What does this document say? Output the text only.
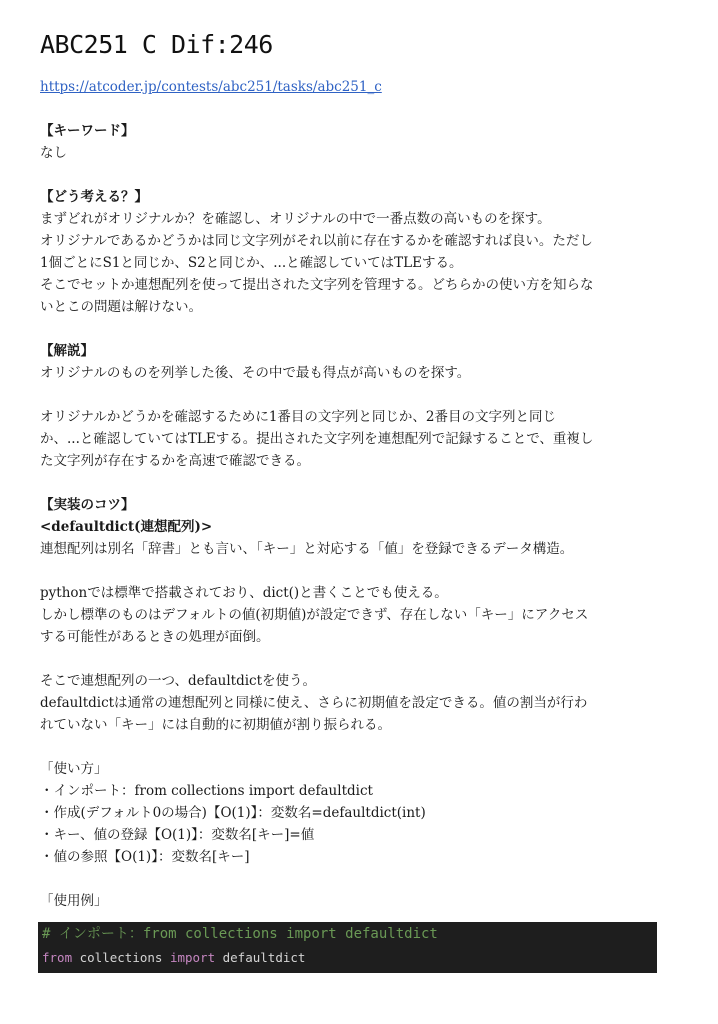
ABC251 C Dif:246
https://atcoder.jp/contests/abc251/tasks/abc251_c

【キーワード】

なし

【どう考える？】

まずどれがオリジナルか？を確認し、オリジナルの中で一番点数の高いものを探す。

オリジナルであるかどうかは同じ文字列がそれ以前に存在するかを確認すれば良い。ただし

1個ごとにS1と同じか、S2と同じか、...と確認していてはTLEする。

そこでセットか連想配列を使って提出された文字列を管理する。どちらかの使い方を知らな

いとこの問題は解けない。

【解説】

オリジナルのものを列挙した後、その中で最も得点が高いものを探す。

オリジナルかどうかを確認するために1番目の文字列と同じか、2番目の文字列と同じ

か、...と確認していてはTLEする。提出された文字列を連想配列で記録することで、重複し

た文字列が存在するかを高速で確認できる。

【実装のコツ】

<defaultdict(連想配列)>

連想配列は別名「辞書」とも言い、「キー」と対応する「値」を登録できるデータ構造。

pythonでは標準で搭載されており、dict()と書くことでも使える。

しかし標準のものはデフォルトの値(初期値)が設定できず、存在しない「キー」にアクセス

する可能性があるときの処理が面倒。

そこで連想配列の一つ、defaultdictを使う。

defaultdictは通常の連想配列と同様に使え、さらに初期値を設定できる。値の割当が行わ

れていない「キー」には自動的に初期値が割り振られる。

「使い方」

・インポート：from collections import defaultdict

・作成(デフォルト0の場合)【O(1)】：変数名=defaultdict(int)

・キー、値の登録【O(1)】：変数名[キー]=値

・値の参照【O(1)】：変数名[キー]

「使用例」

# インポート：from collections import defaultdict
from collections import defaultdict
